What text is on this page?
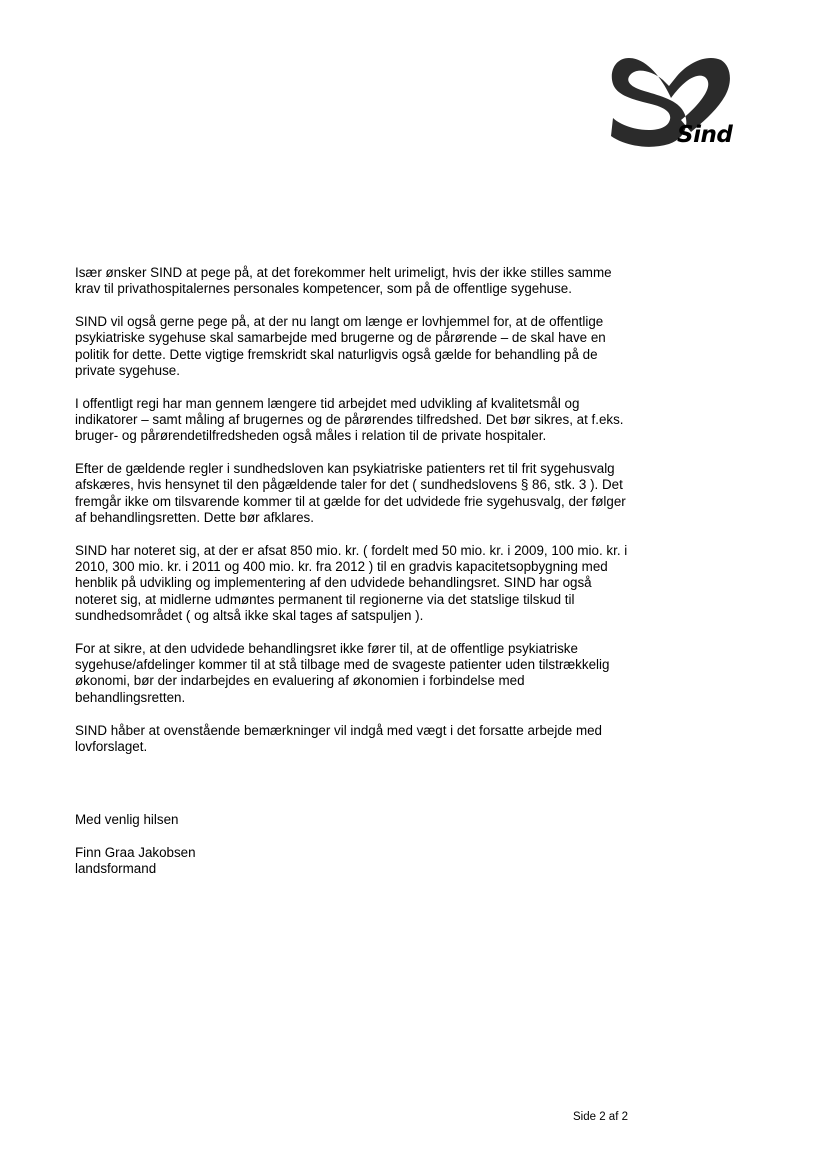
Sind

Især ønsker SIND at pege på, at det forekommer helt urimeligt, hvis der ikke stilles samme krav til privathospitalernes personales kompetencer, som på de offentlige sygehuse.

SIND vil også gerne pege på, at der nu langt om længe er lovhjemmel for, at de offentlige psykiatriske sygehuse skal samarbejde med brugerne og de pårørende – de skal have en politik for dette. Dette vigtige fremskridt skal naturligvis også gælde for behandling på de private sygehuse.

I offentligt regi har man gennem længere tid arbejdet med udvikling af kvalitetsmål og indikatorer – samt måling af brugernes og de pårørendes tilfredshed. Det bør sikres, at f.eks. bruger- og pårørendetilfredsheden også måles i relation til de private hospitaler.

Efter de gældende regler i sundhedsloven kan psykiatriske patienters ret til frit sygehusvalg afskæres, hvis hensynet til den pågældende taler for det ( sundhedslovens § 86, stk. 3 ). Det fremgår ikke om tilsvarende kommer til at gælde for det udvidede frie sygehusvalg, der følger af behandlingsretten. Dette bør afklares.

SIND har noteret sig, at der er afsat 850 mio. kr. ( fordelt med 50 mio. kr. i 2009, 100 mio. kr. i 2010, 300 mio. kr. i 2011 og 400 mio. kr. fra 2012 ) til en gradvis kapacitetsopbygning med henblik på udvikling og implementering af den udvidede behandlingsret. SIND har også noteret sig, at midlerne udmøntes permanent til regionerne via det statslige tilskud til sundhedsområdet ( og altså ikke skal tages af satspuljen ).

For at sikre, at den udvidede behandlingsret ikke fører til, at de offentlige psykiatriske sygehuse/afdelinger kommer til at stå tilbage med de svageste patienter uden tilstrækkelig økonomi, bør der indarbejdes en evaluering af økonomien i forbindelse med behandlingsretten.

SIND håber at ovenstående bemærkninger vil indgå med vægt i det forsatte arbejde med lovforslaget.

Med venlig hilsen

Finn Graa Jakobsen
landsformand
Side 2 af 2
